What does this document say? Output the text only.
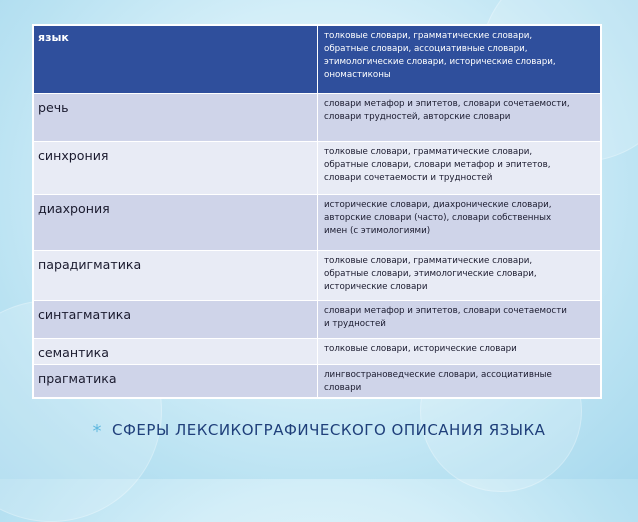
язык	толковые словари, грамматические словари,
обратные словари, ассоциативные словари,
этимологические словари, исторические словари,
ономастиконы

речь	словари метафор и эпитетов, словари сочетаемости,
словари трудностей, авторские словари

синхрония	толковые словари, грамматические словари,
обратные словари, словари метафор и эпитетов,
словари сочетаемости и трудностей

диахрония	исторические словари, диахронические словари,
авторские словари (часто), словари собственных
имен (с этимологиями)

парадигматика	толковые словари, грамматические словари,
обратные словари, этимологические словари,
исторические словари

синтагматика	словари метафор и эпитетов, словари сочетаемости
и трудностей

семантика	толковые словари, исторические словари

прагматика	лингвострановедческие словари, ассоциативные
словари
* СФЕРЫ ЛЕКСИКОГРАФИЧЕСКОГО ОПИСАНИЯ ЯЗЫКА
